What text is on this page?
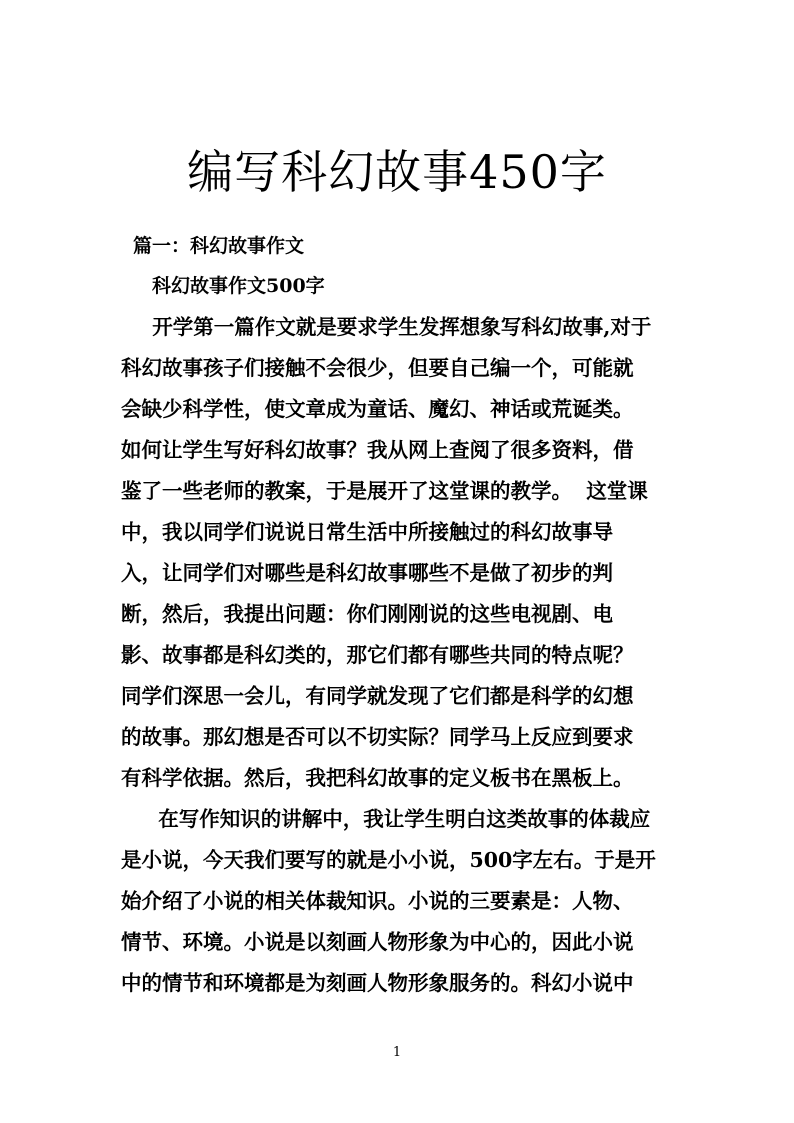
编写科幻故事450字
篇一：科幻故事作文
科幻故事作文500字
开学第一篇作文就是要求学生发挥想象写科幻故事,对于
科幻故事孩子们接触不会很少，但要自己编一个，可能就
会缺少科学性，使文章成为童话、魔幻、神话或荒诞类。
如何让学生写好科幻故事？我从网上查阅了很多资料，借
鉴了一些老师的教案，于是展开了这堂课的教学。  这堂课
中，我以同学们说说日常生活中所接触过的科幻故事导
入，让同学们对哪些是科幻故事哪些不是做了初步的判
断，然后，我提出问题：你们刚刚说的这些电视剧、电
影、故事都是科幻类的，那它们都有哪些共同的特点呢？
同学们深思一会儿，有同学就发现了它们都是科学的幻想
的故事。那幻想是否可以不切实际？同学马上反应到要求
有科学依据。然后，我把科幻故事的定义板书在黑板上。
在写作知识的讲解中，我让学生明白这类故事的体裁应
是小说，今天我们要写的就是小小说，500字左右。于是开
始介绍了小说的相关体裁知识。小说的三要素是：人物、
情节、环境。小说是以刻画人物形象为中心的，因此小说
中的情节和环境都是为刻画人物形象服务的。科幻小说中
1
